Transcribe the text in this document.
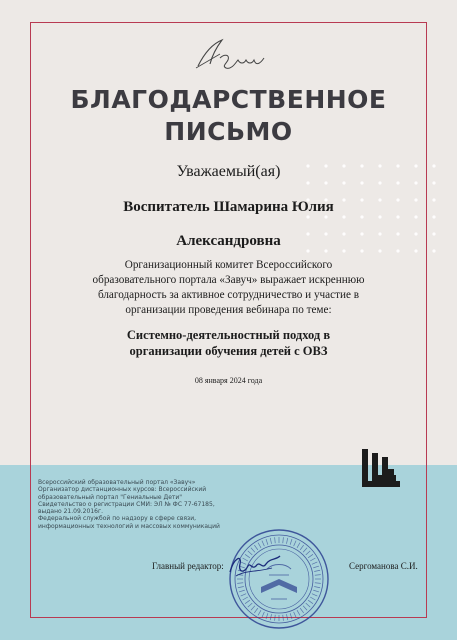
БЛАГОДАРСТВЕННОЕ
ПИСЬМО
Уважаемый(ая)
Воспитатель Шамарина Юлия
Александровна
Организационный комитет Всероссийского
образовательного портала «Завуч» выражает искреннюю
благодарность за активное сотрудничество и участие в
организации проведения вебинара по теме:
Системно-деятельностный подход в
организации обучения детей с ОВЗ
08 января 2024 года
Всероссийский образовательный портал «Завуч»
Организатор дистанционных курсов: Всероссийский
образовательный портал "Гениальные Дети"
Свидетельство о регистрации СМИ: ЭЛ № ФС 77-67185,
выдано 21.09.2016г.
Федеральной службой по надзору в сфере связи,
информационных технологий и массовых коммуникаций
Главный редактор:	Сергоманова С.И.
